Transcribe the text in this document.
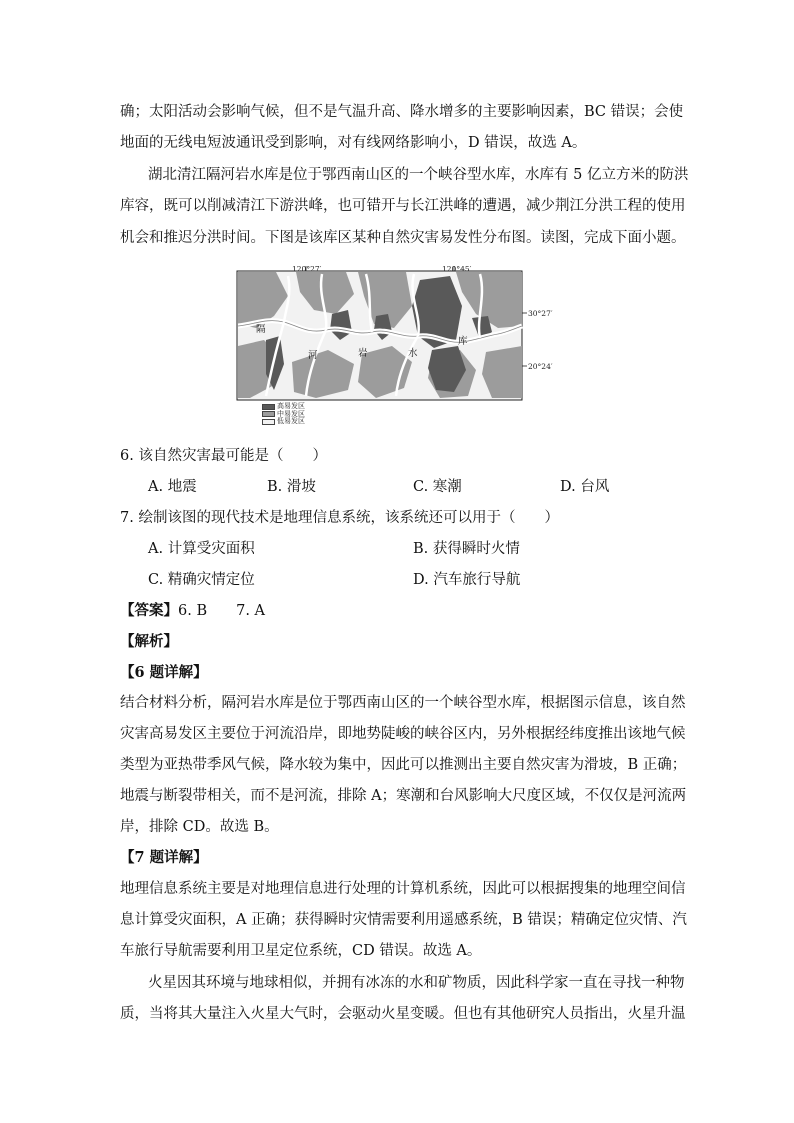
确；太阳活动会影响气候，但不是气温升高、降水增多的主要影响因素，BC 错误；会使
地面的无线电短波通讯受到影响，对有线网络影响小，D 错误，故选 A。
湖北清江隔河岩水库是位于鄂西南山区的一个峡谷型水库，水库有 5 亿立方米的防洪
库容，既可以削减清江下游洪峰，也可错开与长江洪峰的遭遇，减少荆江分洪工程的使用
机会和推迟分洪时间。下图是该库区某种自然灾害易发性分布图。读图，完成下面小题。
120°27′	120°45′
30°27′
20°24′
隔
河	岩	水
库
高易发区
中易发区
低易发区
6. 该自然灾害最可能是（　　）
A. 地震	B. 滑坡	C. 寒潮	D. 台风
7. 绘制该图的现代技术是地理信息系统，该系统还可以用于（　　）
A. 计算受灾面积	B. 获得瞬时火情
C. 精确灾情定位	D. 汽车旅行导航
【答案】6. B　　7. A
【解析】
【6 题详解】
结合材料分析，隔河岩水库是位于鄂西南山区的一个峡谷型水库，根据图示信息，该自然
灾害高易发区主要位于河流沿岸，即地势陡峻的峡谷区内，另外根据经纬度推出该地气候
类型为亚热带季风气候，降水较为集中，因此可以推测出主要自然灾害为滑坡，B 正确；
地震与断裂带相关，而不是河流，排除 A；寒潮和台风影响大尺度区域，不仅仅是河流两
岸，排除 CD。故选 B。
【7 题详解】
地理信息系统主要是对地理信息进行处理的计算机系统，因此可以根据搜集的地理空间信
息计算受灾面积，A 正确；获得瞬时灾情需要利用遥感系统，B 错误；精确定位灾情、汽
车旅行导航需要利用卫星定位系统，CD 错误。故选 A。
火星因其环境与地球相似，并拥有冰冻的水和矿物质，因此科学家一直在寻找一种物
质，当将其大量注入火星大气时，会驱动火星变暖。但也有其他研究人员指出，火星升温
